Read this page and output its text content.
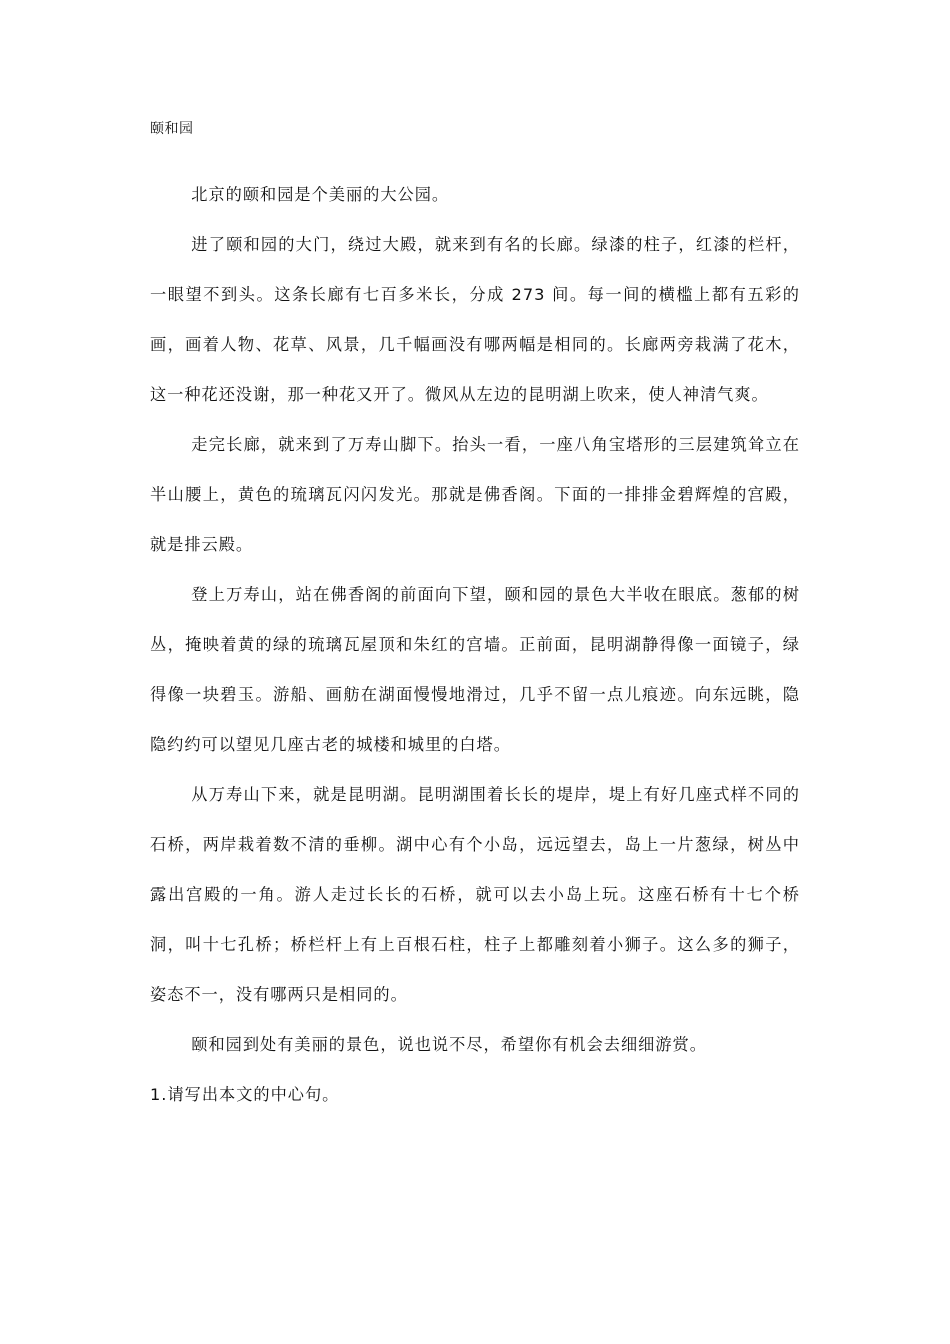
颐和园

北京的颐和园是个美丽的大公园。

进了颐和园的大门，绕过大殿，就来到有名的长廊。绿漆的柱子，红漆的栏杆，一眼望不到头。这条长廊有七百多米长，分成 273 间。每一间的横槛上都有五彩的画，画着人物、花草、风景，几千幅画没有哪两幅是相同的。长廊两旁栽满了花木，这一种花还没谢，那一种花又开了。微风从左边的昆明湖上吹来，使人神清气爽。

走完长廊，就来到了万寿山脚下。抬头一看，一座八角宝塔形的三层建筑耸立在半山腰上，黄色的琉璃瓦闪闪发光。那就是佛香阁。下面的一排排金碧辉煌的宫殿，就是排云殿。

登上万寿山，站在佛香阁的前面向下望，颐和园的景色大半收在眼底。葱郁的树丛，掩映着黄的绿的琉璃瓦屋顶和朱红的宫墙。正前面，昆明湖静得像一面镜子，绿得像一块碧玉。游船、画舫在湖面慢慢地滑过，几乎不留一点儿痕迹。向东远眺，隐隐约约可以望见几座古老的城楼和城里的白塔。

从万寿山下来，就是昆明湖。昆明湖围着长长的堤岸，堤上有好几座式样不同的石桥，两岸栽着数不清的垂柳。湖中心有个小岛，远远望去，岛上一片葱绿，树丛中露出宫殿的一角。游人走过长长的石桥，就可以去小岛上玩。这座石桥有十七个桥洞，叫十七孔桥；桥栏杆上有上百根石柱，柱子上都雕刻着小狮子。这么多的狮子，姿态不一，没有哪两只是相同的。

颐和园到处有美丽的景色，说也说不尽，希望你有机会去细细游赏。

1.请写出本文的中心句。
